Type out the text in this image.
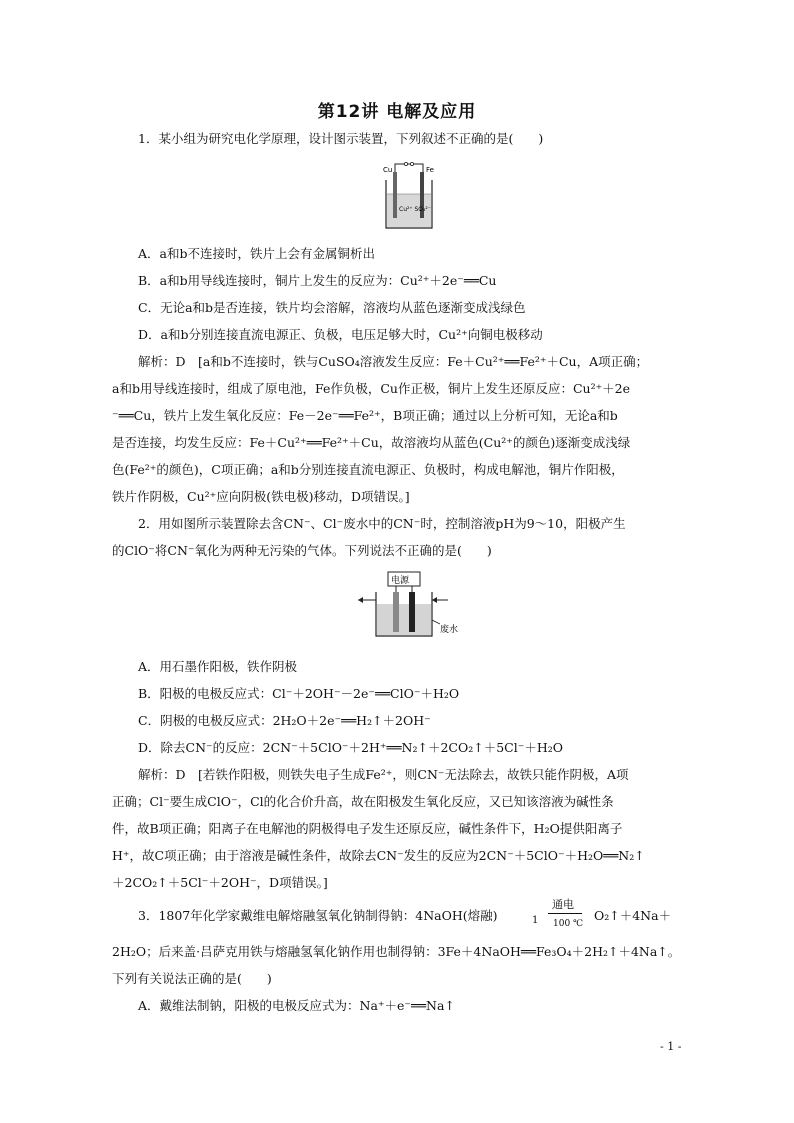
第12讲 电解及应用
1．某小组为研究电化学原理，设计图示装置，下列叙述不正确的是(　　)
Cu	Fe
Cu²⁺ SO₄²⁻
A．a和b不连接时，铁片上会有金属铜析出
B．a和b用导线连接时，铜片上发生的反应为：Cu²⁺＋2e⁻══Cu
C．无论a和b是否连接，铁片均会溶解，溶液均从蓝色逐渐变成浅绿色
D．a和b分别连接直流电源正、负极，电压足够大时，Cu²⁺向铜电极移动
解析：D　[a和b不连接时，铁与CuSO₄溶液发生反应：Fe＋Cu²⁺══Fe²⁺＋Cu，A项正确；
a和b用导线连接时，组成了原电池，Fe作负极，Cu作正极，铜片上发生还原反应：Cu²⁺＋2e
⁻══Cu，铁片上发生氧化反应：Fe－2e⁻══Fe²⁺，B项正确；通过以上分析可知，无论a和b
是否连接，均发生反应：Fe＋Cu²⁺══Fe²⁺＋Cu，故溶液均从蓝色(Cu²⁺的颜色)逐渐变成浅绿
色(Fe²⁺的颜色)，C项正确；a和b分别连接直流电源正、负极时，构成电解池，铜片作阳极，
铁片作阴极，Cu²⁺应向阴极(铁电极)移动，D项错误。]
2．用如图所示装置除去含CN⁻、Cl⁻废水中的CN⁻时，控制溶液pH为9～10，阳极产生
的ClO⁻将CN⁻氧化为两种无污染的气体。下列说法不正确的是(　　)
电源
废水
A．用石墨作阳极，铁作阴极
B．阳极的电极反应式：Cl⁻＋2OH⁻－2e⁻══ClO⁻＋H₂O
C．阴极的电极反应式：2H₂O＋2e⁻══H₂↑＋2OH⁻
D．除去CN⁻的反应：2CN⁻＋5ClO⁻＋2H⁺══N₂↑＋2CO₂↑＋5Cl⁻＋H₂O
解析：D　[若铁作阳极，则铁失电子生成Fe²⁺，则CN⁻无法除去，故铁只能作阴极，A项
正确；Cl⁻要生成ClO⁻，Cl的化合价升高，故在阳极发生氧化反应，又已知该溶液为碱性条
件，故B项正确；阳离子在电解池的阴极得电子发生还原反应，碱性条件下，H₂O提供阳离子
H⁺，故C项正确；由于溶液是碱性条件，故除去CN⁻发生的反应为2CN⁻＋5ClO⁻＋H₂O══N₂↑
＋2CO₂↑＋5Cl⁻＋2OH⁻，D项错误。]
3．1807年化学家戴维电解熔融氢氧化钠制得钠：4NaOH(熔融)	1
通电
100 ℃
O₂↑＋4Na＋
2H₂O；后来盖·吕萨克用铁与熔融氢氧化钠作用也制得钠：3Fe＋4NaOH══Fe₃O₄＋2H₂↑＋4Na↑。
下列有关说法正确的是(　　)
A．戴维法制钠，阳极的电极反应式为：Na⁺＋e⁻══Na↑
- 1 -
